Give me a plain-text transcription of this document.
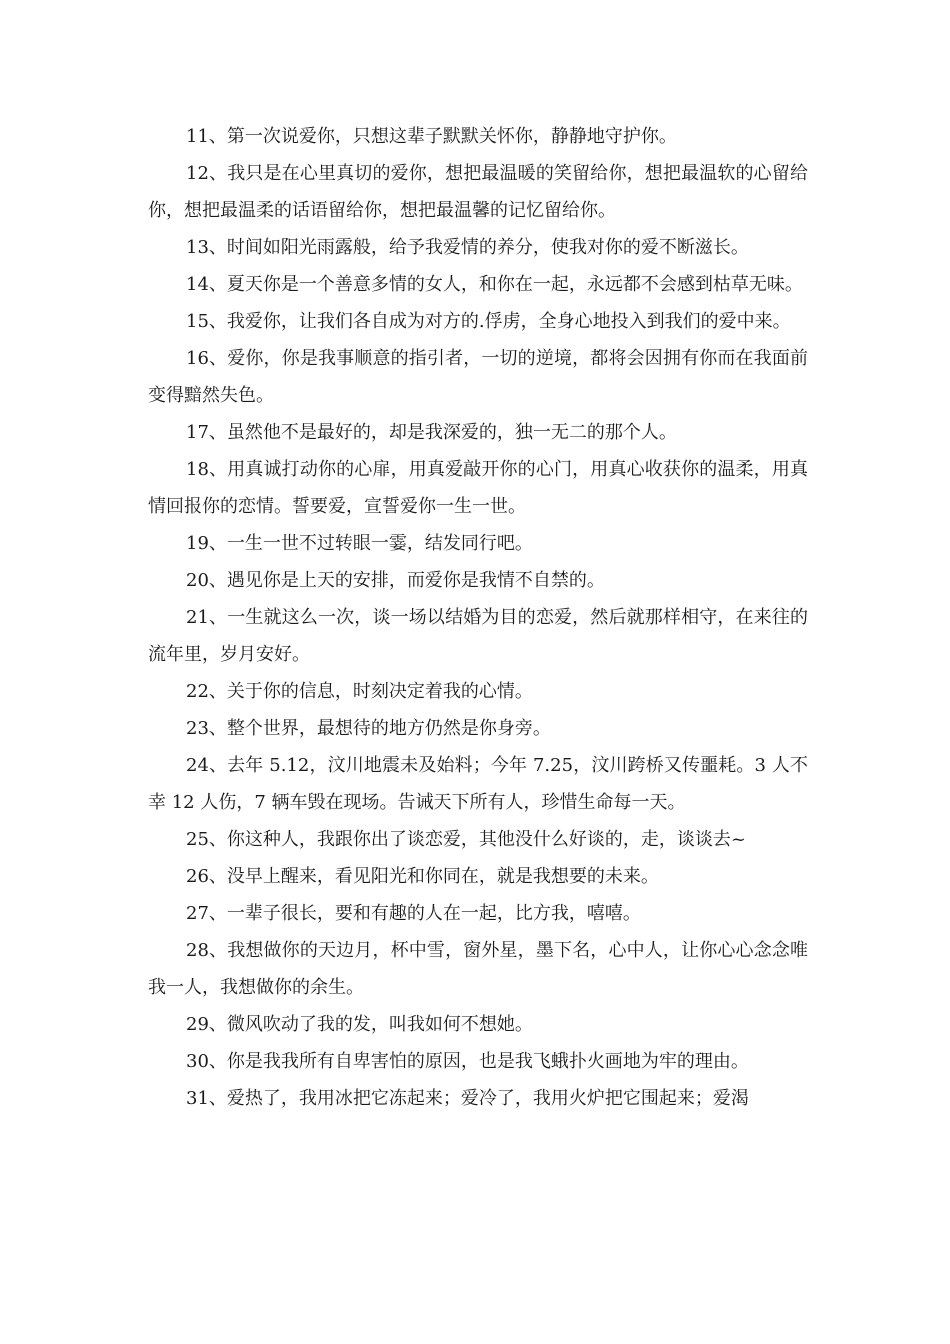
11、第一次说爱你，只想这辈子默默关怀你，静静地守护你。

12、我只是在心里真切的爱你，想把最温暖的笑留给你，想把最温软的心留给你，想把最温柔的话语留给你，想把最温馨的记忆留给你。

13、时间如阳光雨露般，给予我爱情的养分，使我对你的爱不断滋长。

14、夏天你是一个善意多情的女人，和你在一起，永远都不会感到枯草无味。

15、我爱你，让我们各自成为对方的.俘虏，全身心地投入到我们的爱中来。

16、爱你，你是我事顺意的指引者，一切的逆境，都将会因拥有你而在我面前变得黯然失色。

17、虽然他不是最好的，却是我深爱的，独一无二的那个人。

18、用真诚打动你的心扉，用真爱敲开你的心门，用真心收获你的温柔，用真情回报你的恋情。誓要爱，宣誓爱你一生一世。

19、一生一世不过转眼一霎，结发同行吧。

20、遇见你是上天的安排，而爱你是我情不自禁的。

21、一生就这么一次，谈一场以结婚为目的恋爱，然后就那样相守，在来往的流年里，岁月安好。

22、关于你的信息，时刻决定着我的心情。

23、整个世界，最想待的地方仍然是你身旁。

24、去年 5.12，汶川地震未及始料；今年 7.25，汶川跨桥又传噩耗。3 人不幸 12 人伤，7 辆车毁在现场。告诫天下所有人，珍惜生命每一天。

25、你这种人，我跟你出了谈恋爱，其他没什么好谈的，走，谈谈去~

26、没早上醒来，看见阳光和你同在，就是我想要的未来。

27、一辈子很长，要和有趣的人在一起，比方我，嘻嘻。

28、我想做你的天边月，杯中雪，窗外星，墨下名，心中人，让你心心念念唯我一人，我想做你的余生。

29、微风吹动了我的发，叫我如何不想她。

30、你是我我所有自卑害怕的原因，也是我飞蛾扑火画地为牢的理由。

31、爱热了，我用冰把它冻起来；爱冷了，我用火炉把它围起来；爱渴
